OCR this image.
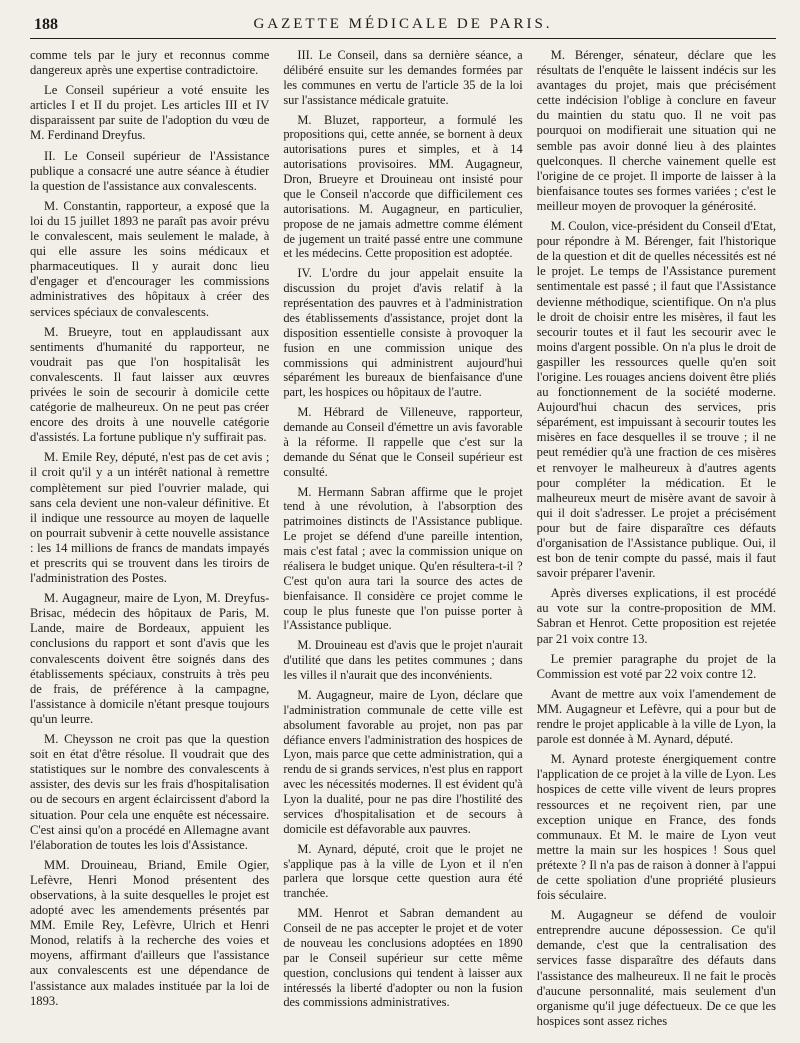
188	GAZETTE MÉDICALE DE PARIS.

comme tels par le jury et reconnus comme dangereux après une expertise contradictoire.

Le Conseil supérieur a voté ensuite les articles I et II du projet. Les articles III et IV disparaissent par suite de l'adoption du vœu de M. Ferdinand Dreyfus.

II. Le Conseil supérieur de l'Assistance publique a consacré une autre séance à étudier la question de l'assistance aux convalescents.

M. Constantin, rapporteur, a exposé que la loi du 15 juillet 1893 ne paraît pas avoir prévu le convalescent, mais seulement le malade, à qui elle assure les soins médicaux et pharmaceutiques. Il y aurait donc lieu d'engager et d'encourager les commissions administratives des hôpitaux à créer des services spéciaux de convalescents.

M. Brueyre, tout en applaudissant aux sentiments d'humanité du rapporteur, ne voudrait pas que l'on hospitalisât les convalescents. Il faut laisser aux œuvres privées le soin de secourir à domicile cette catégorie de malheureux. On ne peut pas créer encore des droits à une nouvelle catégorie d'assistés. La fortune publique n'y suffirait pas.

M. Emile Rey, député, n'est pas de cet avis ; il croit qu'il y a un intérêt national à remettre complètement sur pied l'ouvrier malade, qui sans cela devient une non-valeur définitive. Et il indique une ressource au moyen de laquelle on pourrait subvenir à cette nouvelle assistance : les 14 millions de francs de mandats impayés et prescrits qui se trouvent dans les tiroirs de l'administration des Postes.

M. Augagneur, maire de Lyon, M. Dreyfus-Brisac, médecin des hôpitaux de Paris, M. Lande, maire de Bordeaux, appuient les conclusions du rapport et sont d'avis que les convalescents doivent être soignés dans des établissements spéciaux, construits à très peu de frais, de préférence à la campagne, l'assistance à domicile n'étant presque toujours qu'un leurre.

M. Cheysson ne croit pas que la question soit en état d'être résolue. Il voudrait que des statistiques sur le nombre des convalescents à assister, des devis sur les frais d'hospitalisation ou de secours en argent éclaircissent d'abord la situation. Pour cela une enquête est nécessaire. C'est ainsi qu'on a procédé en Allemagne avant l'élaboration de toutes les lois d'Assistance.

MM. Drouineau, Briand, Emile Ogier, Lefèvre, Henri Monod présentent des observations, à la suite desquelles le projet est adopté avec les amendements présentés par MM. Emile Rey, Lefèvre, Ulrich et Henri Monod, relatifs à la recherche des voies et moyens, affirmant d'ailleurs que l'assistance aux convalescents est une dépendance de l'assistance aux malades instituée par la loi de 1893.

III. Le Conseil, dans sa dernière séance, a délibéré ensuite sur les demandes formées par les communes en vertu de l'article 35 de la loi sur l'assistance médicale gratuite.

M. Bluzet, rapporteur, a formulé les propositions qui, cette année, se bornent à deux autorisations pures et simples, et à 14 autorisations provisoires. MM. Augagneur, Dron, Brueyre et Drouineau ont insisté pour que le Conseil n'accorde que difficilement ces autorisations. M. Augagneur, en particulier, propose de ne jamais admettre comme élément de jugement un traité passé entre une commune et les médecins. Cette proposition est adoptée.

IV. L'ordre du jour appelait ensuite la discussion du projet d'avis relatif à la représentation des pauvres et à l'administration des établissements d'assistance, projet dont la disposition essentielle consiste à provoquer la fusion en une commission unique des commissions qui administrent aujourd'hui séparément les bureaux de bienfaisance d'une part, les hospices ou hôpitaux de l'autre.

M. Hébrard de Villeneuve, rapporteur, demande au Conseil d'émettre un avis favorable à la réforme. Il rappelle que c'est sur la demande du Sénat que le Conseil supérieur est consulté.

M. Hermann Sabran affirme que le projet tend à une révolution, à l'absorption des patrimoines distincts de l'Assistance publique. Le projet se défend d'une pareille intention, mais c'est fatal ; avec la commission unique on réalisera le budget unique. Qu'en résultera-t-il ? C'est qu'on aura tari la source des actes de bienfaisance. Il considère ce projet comme le coup le plus funeste que l'on puisse porter à l'Assistance publique.

M. Drouineau est d'avis que le projet n'aurait d'utilité que dans les petites communes ; dans les villes il n'aurait que des inconvénients.

M. Augagneur, maire de Lyon, déclare que l'administration communale de cette ville est absolument favorable au projet, non pas par défiance envers l'administration des hospices de Lyon, mais parce que cette administration, qui a rendu de si grands services, n'est plus en rapport avec les nécessités modernes. Il est évident qu'à Lyon la dualité, pour ne pas dire l'hostilité des services d'hospitalisation et de secours à domicile est défavorable aux pauvres.

M. Aynard, député, croit que le projet ne s'applique pas à la ville de Lyon et il n'en parlera que lorsque cette question aura été tranchée.

MM. Henrot et Sabran demandent au Conseil de ne pas accepter le projet et de voter de nouveau les conclusions adoptées en 1890 par le Conseil supérieur sur cette même question, conclusions qui tendent à laisser aux intéressés la liberté d'adopter ou non la fusion des commissions administratives.

M. Bérenger, sénateur, déclare que les résultats de l'enquête le laissent indécis sur les avantages du projet, mais que précisément cette indécision l'oblige à conclure en faveur du maintien du statu quo. Il ne voit pas pourquoi on modifierait une situation qui ne semble pas avoir donné lieu à des plaintes quelconques. Il cherche vainement quelle est l'origine de ce projet. Il importe de laisser à la bienfaisance toutes ses formes variées ; c'est le meilleur moyen de provoquer la générosité.

M. Coulon, vice-président du Conseil d'Etat, pour répondre à M. Bérenger, fait l'historique de la question et dit de quelles nécessités est né le projet. Le temps de l'Assistance purement sentimentale est passé ; il faut que l'Assistance devienne méthodique, scientifique. On n'a plus le droit de choisir entre les misères, il faut les secourir toutes et il faut les secourir avec le moins d'argent possible. On n'a plus le droit de gaspiller les ressources quelle qu'en soit l'origine. Les rouages anciens doivent être pliés au fonctionnement de la société moderne. Aujourd'hui chacun des services, pris séparément, est impuissant à secourir toutes les misères en face desquelles il se trouve ; il ne peut remédier qu'à une fraction de ces misères et renvoyer le malheureux à d'autres agents pour compléter la médication. Et le malheureux meurt de misère avant de savoir à qui il doit s'adresser. Le projet a précisément pour but de faire disparaître ces défauts d'organisation de l'Assistance publique. Oui, il est bon de tenir compte du passé, mais il faut savoir préparer l'avenir.

Après diverses explications, il est procédé au vote sur la contre-proposition de MM. Sabran et Henrot. Cette proposition est rejetée par 21 voix contre 13.

Le premier paragraphe du projet de la Commission est voté par 22 voix contre 12.

Avant de mettre aux voix l'amendement de MM. Augagneur et Lefèvre, qui a pour but de rendre le projet applicable à la ville de Lyon, la parole est donnée à M. Aynard, député.

M. Aynard proteste énergiquement contre l'application de ce projet à la ville de Lyon. Les hospices de cette ville vivent de leurs propres ressources et ne reçoivent rien, par une exception unique en France, des fonds communaux. Et M. le maire de Lyon veut mettre la main sur les hospices ! Sous quel prétexte ? Il n'a pas de raison à donner à l'appui de cette spoliation d'une propriété plusieurs fois séculaire.

M. Augagneur se défend de vouloir entreprendre aucune dépossession. Ce qu'il demande, c'est que la centralisation des services fasse disparaître des défauts dans l'assistance des malheureux. Il ne fait le procès d'aucune personnalité, mais seulement d'un organisme qu'il juge défectueux. De ce que les hospices sont assez riches
